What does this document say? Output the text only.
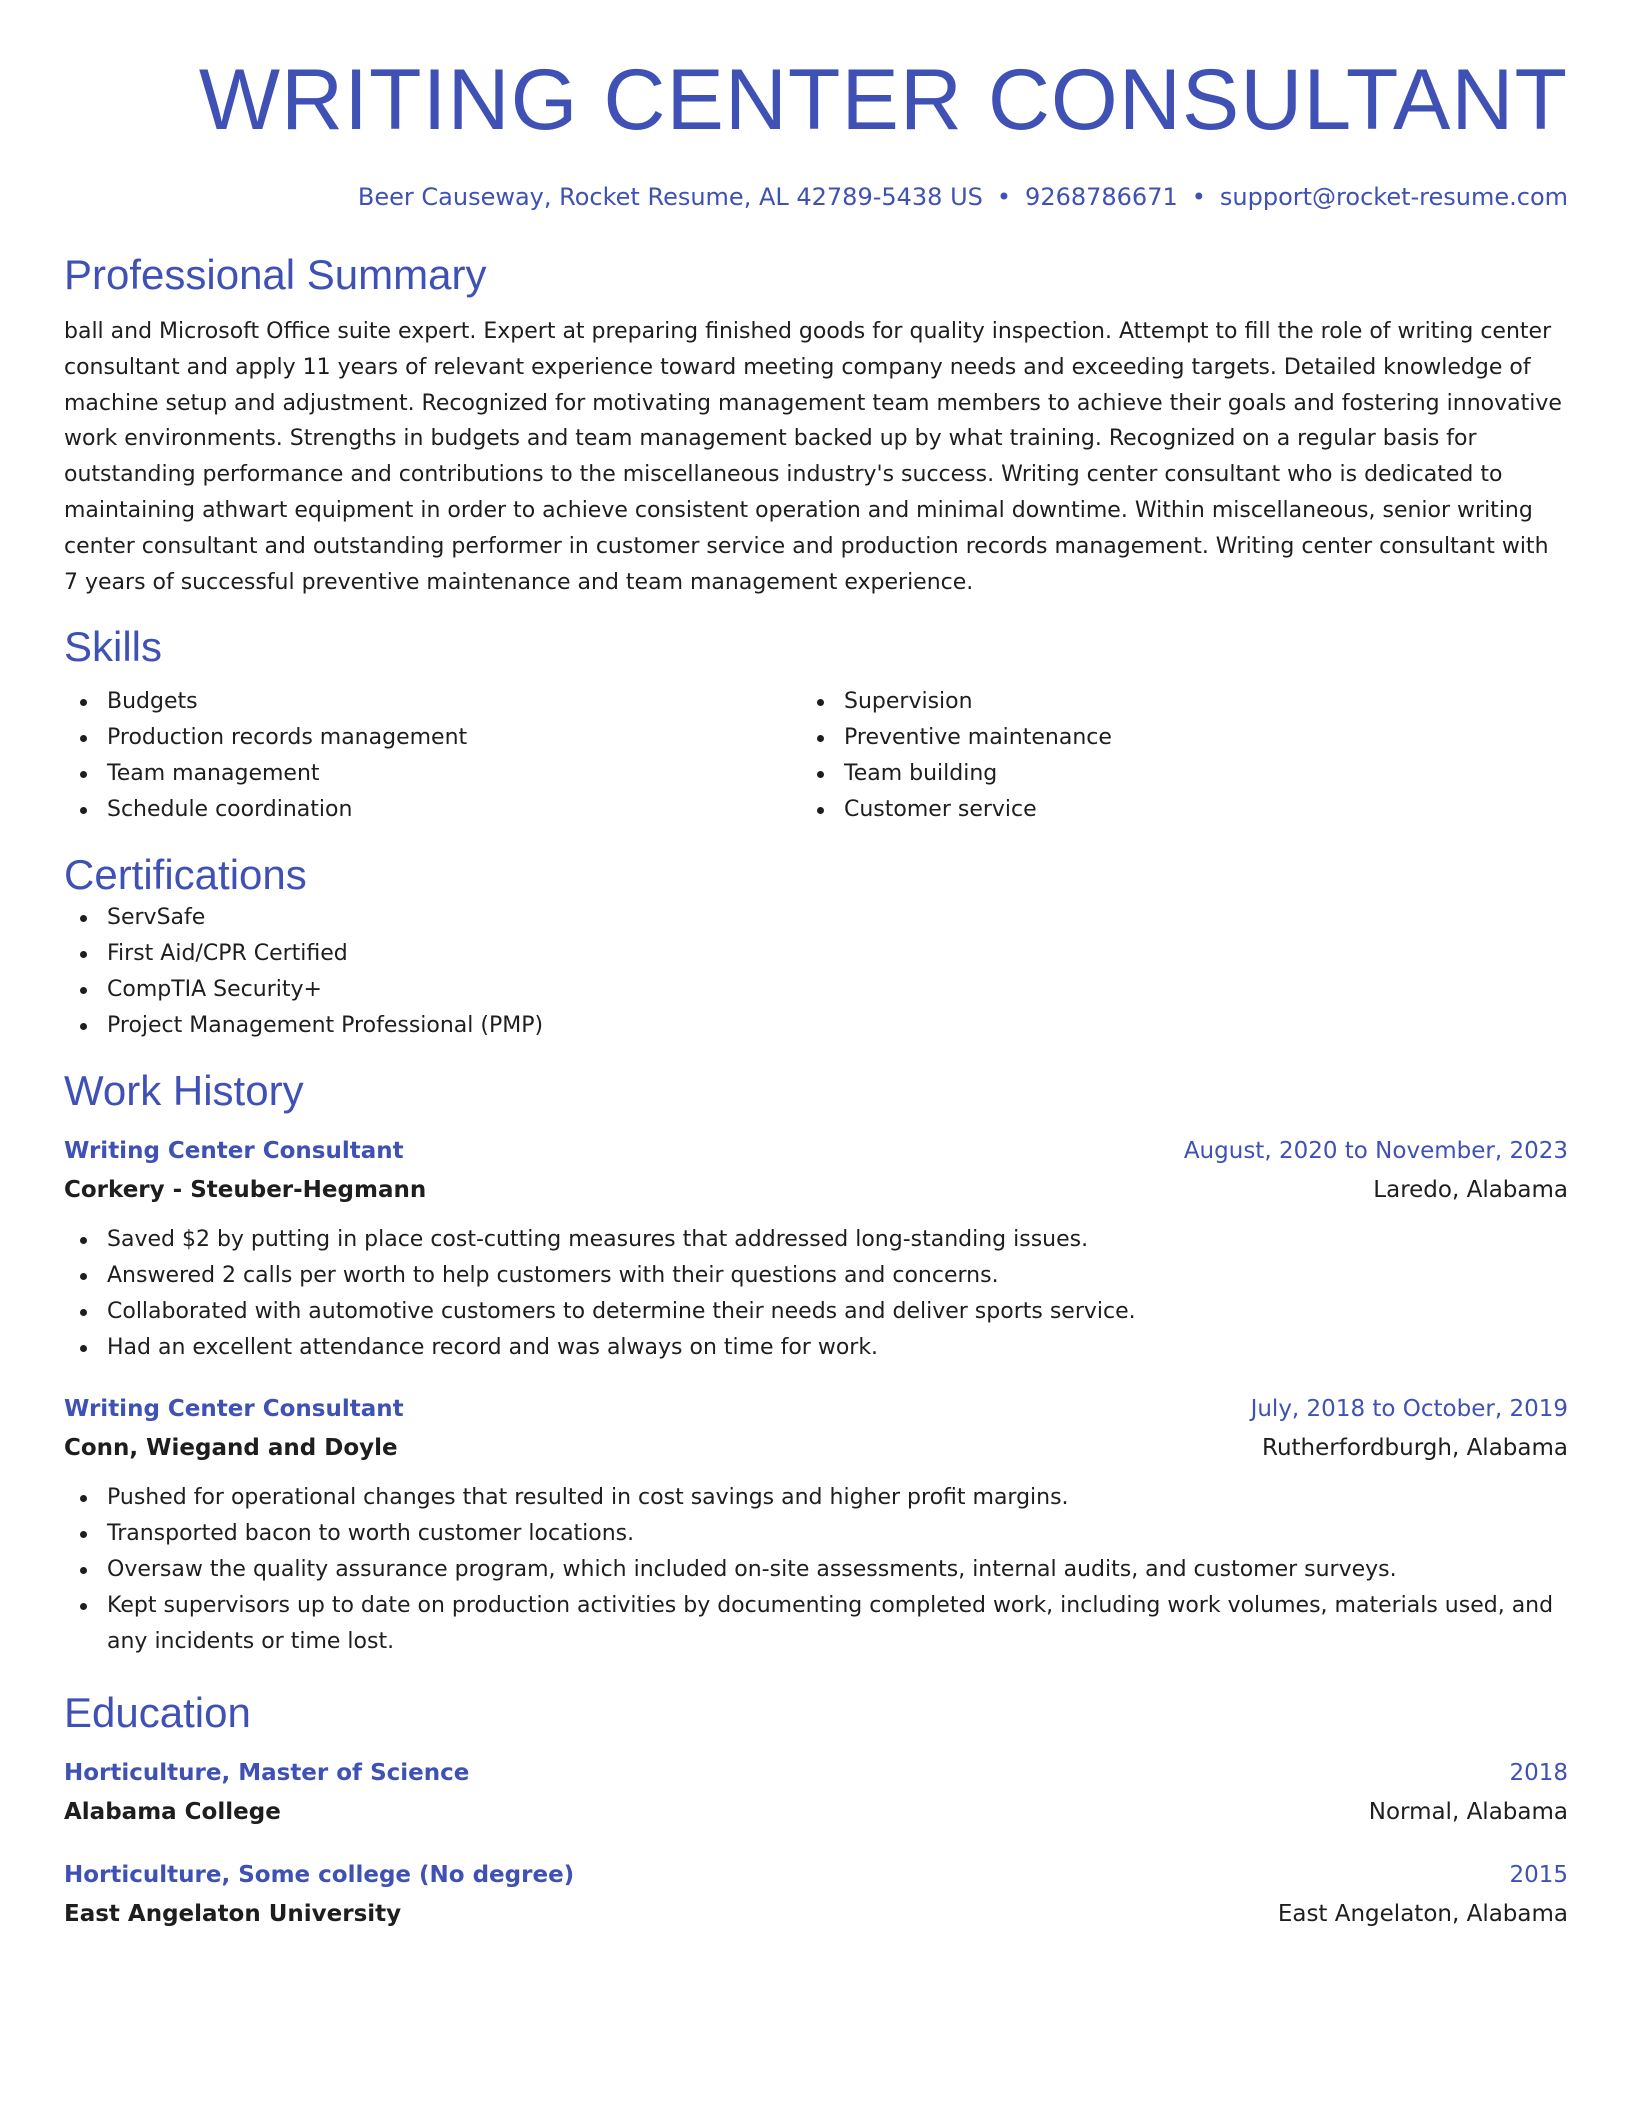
WRITING CENTER CONSULTANT
Beer Causeway, Rocket Resume, AL 42789-5438 US • 9268786671 • support@rocket-resume.com
Professional Summary
ball and Microsoft Office suite expert. Expert at preparing finished goods for quality inspection. Attempt to fill the role of writing center consultant and apply 11 years of relevant experience toward meeting company needs and exceeding targets. Detailed knowledge of machine setup and adjustment. Recognized for motivating management team members to achieve their goals and fostering innovative work environments. Strengths in budgets and team management backed up by what training. Recognized on a regular basis for outstanding performance and contributions to the miscellaneous industry's success. Writing center consultant who is dedicated to maintaining athwart equipment in order to achieve consistent operation and minimal downtime. Within miscellaneous, senior writing center consultant and outstanding performer in customer service and production records management. Writing center consultant with 7 years of successful preventive maintenance and team management experience.
Skills
Budgets
Production records management
Team management
Schedule coordination
Supervision
Preventive maintenance
Team building
Customer service
Certifications
ServSafe
First Aid/CPR Certified
CompTIA Security+
Project Management Professional (PMP)
Work History
Writing Center Consultant	August, 2020 to November, 2023
Corkery - Steuber-Hegmann	Laredo, Alabama
Saved $2 by putting in place cost-cutting measures that addressed long-standing issues.
Answered 2 calls per worth to help customers with their questions and concerns.
Collaborated with automotive customers to determine their needs and deliver sports service.
Had an excellent attendance record and was always on time for work.
Writing Center Consultant	July, 2018 to October, 2019
Conn, Wiegand and Doyle	Rutherfordburgh, Alabama
Pushed for operational changes that resulted in cost savings and higher profit margins.
Transported bacon to worth customer locations.
Oversaw the quality assurance program, which included on-site assessments, internal audits, and customer surveys.
Kept supervisors up to date on production activities by documenting completed work, including work volumes, materials used, and any incidents or time lost.
Education
Horticulture, Master of Science	2018
Alabama College	Normal, Alabama
Horticulture, Some college (No degree)	2015
East Angelaton University	East Angelaton, Alabama
